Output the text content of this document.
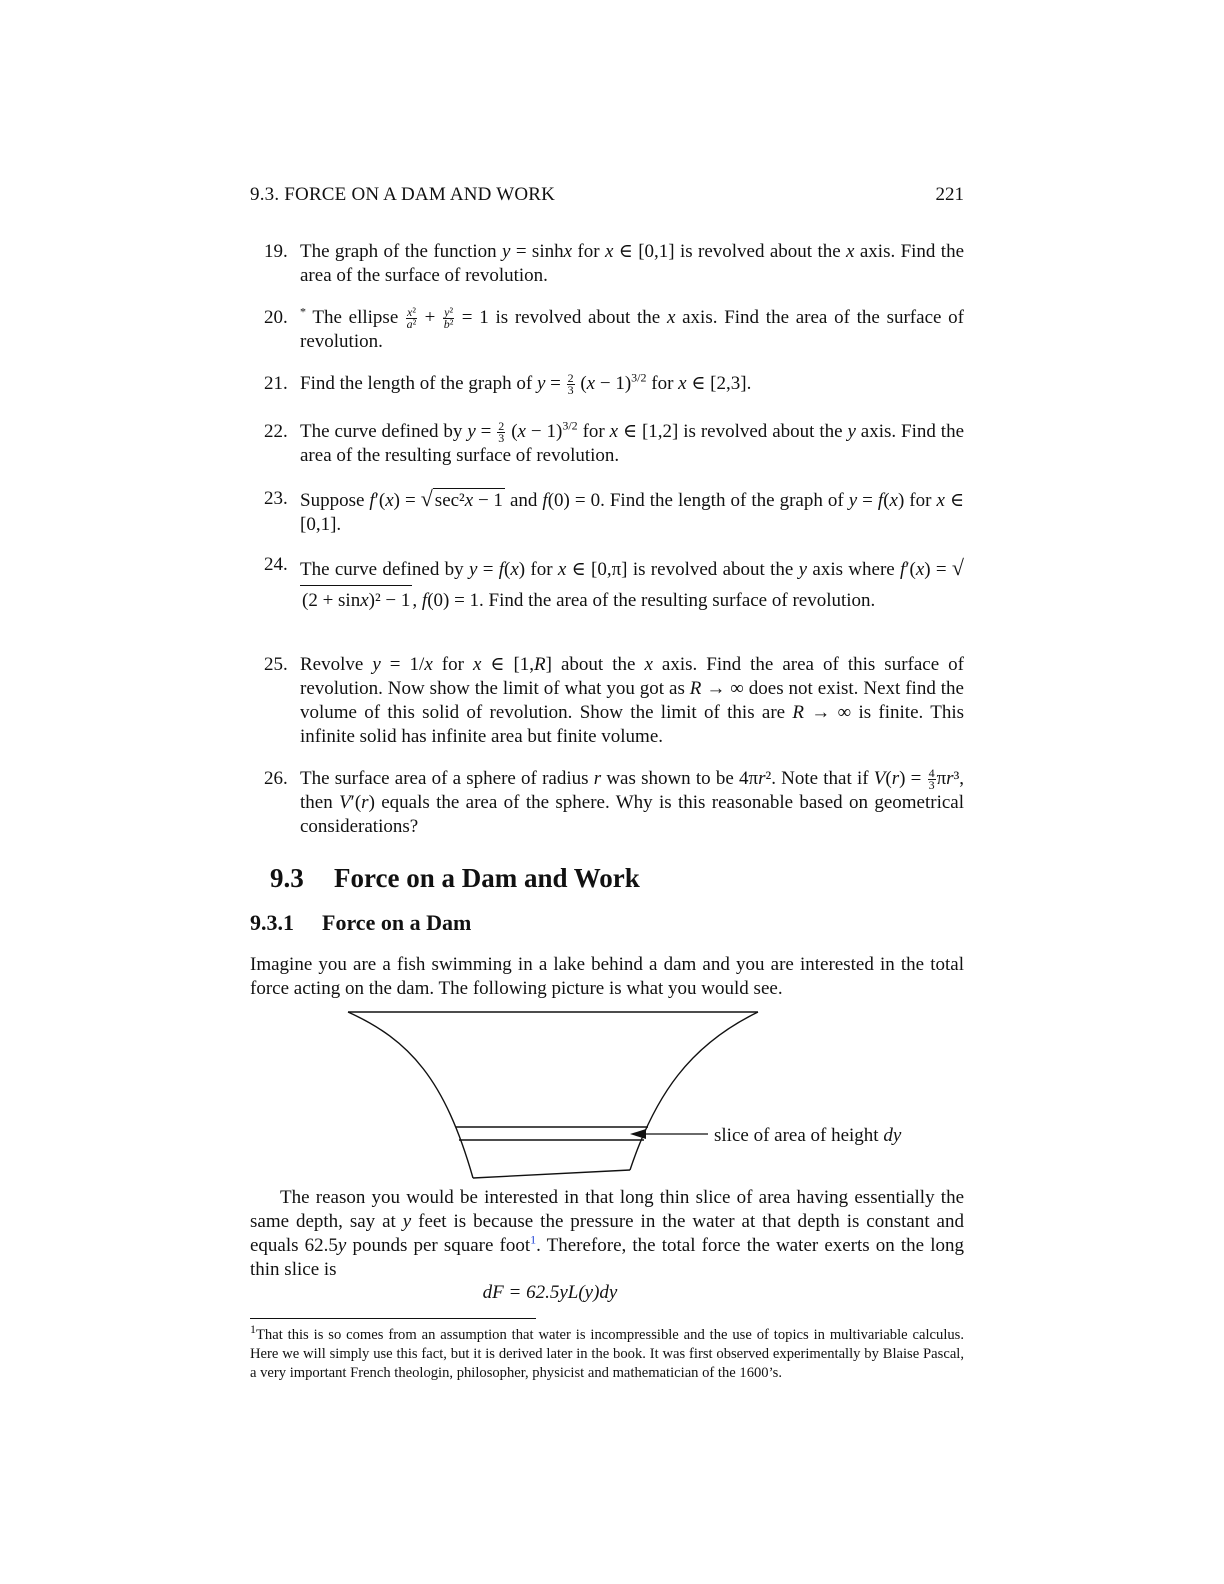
9.3. FORCE ON A DAM AND WORK	221
19. The graph of the function y = sinhx for x ∈ [0,1] is revolved about the x axis. Find the area of the surface of revolution.
20.	* The ellipse $\frac{\text{x²}}{\text{a²}} + \frac{\text{y²}}{\text{b²}} = 1$ is revolved about the x axis. Find the area of the surface of revolution.
21. Find the length of the graph of $y = \frac{2}{3} (x - 1)^{3/2}$ for x ∈ [2,3].
22. The curve defined by $y = \frac{2}{3} (x - 1)^{3/2}$ for x ∈ [1,2] is revolved about the y axis. Find the area of the resulting surface of revolution.
23. Suppose f′(x) = √ sec²x − 1 and f(0) = 0. Find the length of the graph of y = f(x) for x ∈ [0,1].
24. The curve defined by y = f(x) for x ∈ [0,π] is revolved about the y axis where f′(x) = √(2 + sinx)² − 1 , f(0) = 1. Find the area of the resulting surface of revolution.
25. Revolve y = 1/x for x ∈ [1,R] about the x axis. Find the area of this surface of revolution. Now show the limit of what you got as R → ∞ does not exist. Next find the volume of this solid of revolution. Show the limit of this are R → ∞ is finite. This infinite solid has infinite area but finite volume.
26. The surface area of a sphere of radius r was shown to be 4πr². Note that if $V(r) = \frac{4}{3} \pi r^3$, then V′(r) equals the area of the sphere. Why is this reasonable based on geometrical considerations?
9.3 Force on a Dam and Work
9.3.1 Force on a Dam
Imagine you are a fish swimming in a lake behind a dam and you are interested in the total force acting on the dam. The following picture is what you would see.
The reason you would be interested in that long thin slice of area having essentially the same depth, say at y feet is because the pressure in the water at that depth is constant and equals 62.5y pounds per square foot$^1$. Therefore, the total force the water exerts on the long thin slice is
dF = 62.5yL(y)dy
$^1$That this is so comes from an assumption that water is incompressible and the use of topics in multivariable calculus. Here we will simply use this fact, but it is derived later in the book. It was first observed experimentally by Blaise Pascal, a very important French theologin, philosopher, physicist and mathematician of the 1600’s.
slice of area of height dy
